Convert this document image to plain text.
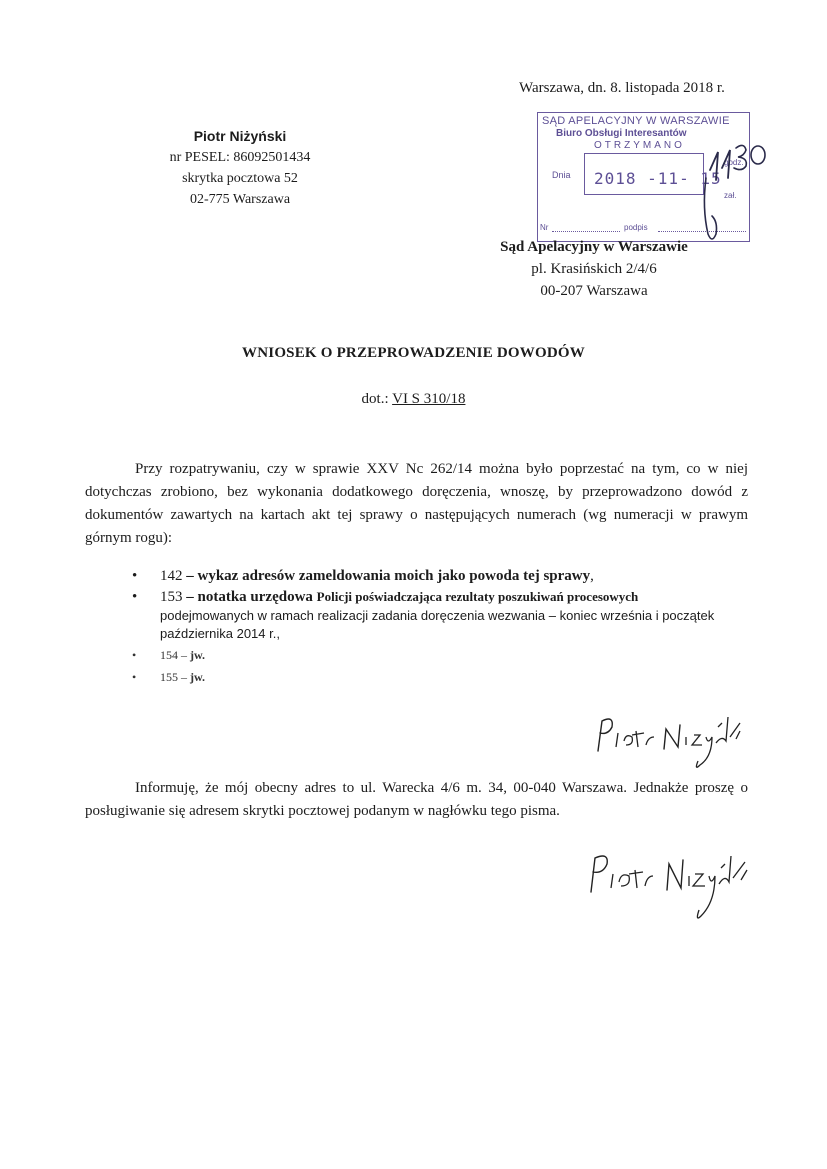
Warszawa, dn. 8. listopada 2018 r.
Piotr Niżyński
nr PESEL: 86092501434
skrytka pocztowa 52
02-775 Warszawa
SĄD APELACYJNY W WARSZAWIE
Biuro Obsługi Interesantów
OTRZYMANO
Dnia 2018 -11- 15
godz.
zał.
Nr	podpis
Sąd Apelacyjny w Warszawie
pl. Krasińskich 2/4/6
00-207 Warszawa
WNIOSEK O PRZEPROWADZENIE DOWODÓW
dot.: VI S 310/18
Przy rozpatrywaniu, czy w sprawie XXV Nc 262/14 można było poprzestać na tym, co w niej dotychczas zrobiono, bez wykonania dodatkowego doręczenia, wnoszę, by przeprowadzono dowód z dokumentów zawartych na kartach akt tej sprawy o następujących numerach (wg numeracji w prawym górnym rogu):
• 142 – wykaz adresów zameldowania moich jako powoda tej sprawy,
• 153 – notatka urzędowa Policji poświadczająca rezultaty poszukiwań procesowych
podejmowanych w ramach realizacji zadania doręczenia wezwania – koniec września i początek października 2014 r.,
• 154 – jw.
• 155 – jw.
Informuję, że mój obecny adres to ul. Warecka 4/6 m. 34, 00-040 Warszawa. Jednakże proszę o posługiwanie się adresem skrytki pocztowej podanym w nagłówku tego pisma.
